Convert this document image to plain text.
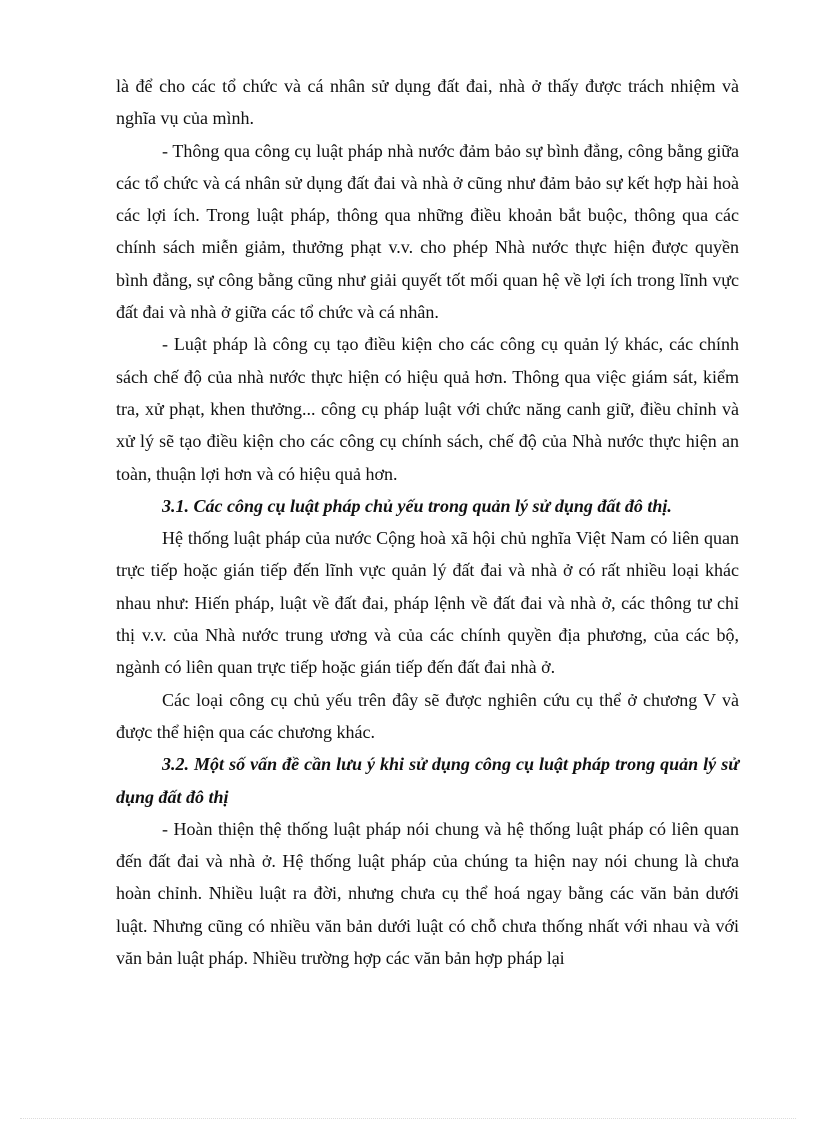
là để cho các tổ chức và cá nhân sử dụng đất đai, nhà ở thấy được trách nhiệm và nghĩa vụ của mình.

- Thông qua công cụ luật pháp nhà nước đảm bảo sự bình đẳng, công bằng giữa các tổ chức và cá nhân sử dụng đất đai và nhà ở cũng như đảm bảo sự kết hợp hài hoà các lợi ích. Trong luật pháp, thông qua những điều khoản bắt buộc, thông qua các chính sách miễn giảm, thưởng phạt v.v. cho phép Nhà nước thực hiện được quyền bình đẳng, sự công bằng cũng như giải quyết tốt mối quan hệ về lợi ích trong lĩnh vực đất đai và nhà ở giữa các tổ chức và cá nhân.

- Luật pháp là công cụ tạo điều kiện cho các công cụ quản lý khác, các chính sách chế độ của nhà nước thực hiện có hiệu quả hơn. Thông qua việc giám sát, kiểm tra, xử phạt, khen thưởng... công cụ pháp luật với chức năng canh giữ, điều chỉnh và xử lý sẽ tạo điều kiện cho các công cụ chính sách, chế độ của Nhà nước thực hiện an toàn, thuận lợi hơn và có hiệu quả hơn.

3.1. Các công cụ luật pháp chủ yếu trong quản lý sử dụng đất đô thị.

Hệ thống luật pháp của nước Cộng hoà xã hội chủ nghĩa Việt Nam có liên quan trực tiếp hoặc gián tiếp đến lĩnh vực quản lý đất đai và nhà ở có rất nhiều loại khác nhau như: Hiến pháp, luật về đất đai, pháp lệnh về đất đai và nhà ở, các thông tư chỉ thị v.v. của Nhà nước trung ương và của các chính quyền địa phương, của các bộ, ngành có liên quan trực tiếp hoặc gián tiếp đến đất đai nhà ở.

Các loại công cụ chủ yếu trên đây sẽ được nghiên cứu cụ thể ở chương V và được thể hiện qua các chương khác.

3.2. Một số vấn đề cần lưu ý khi sử dụng công cụ luật pháp trong quản lý sử dụng đất đô thị

- Hoàn thiện thệ thống luật pháp nói chung và hệ thống luật pháp có liên quan đến đất đai và nhà ở. Hệ thống luật pháp của chúng ta hiện nay nói chung là chưa hoàn chỉnh. Nhiều luật ra đời, nhưng chưa cụ thể hoá ngay bằng các văn bản dưới luật. Nhưng cũng có nhiều văn bản dưới luật có chỗ chưa thống nhất với nhau và với văn bản luật pháp. Nhiều trường hợp các văn bản hợp pháp lại
